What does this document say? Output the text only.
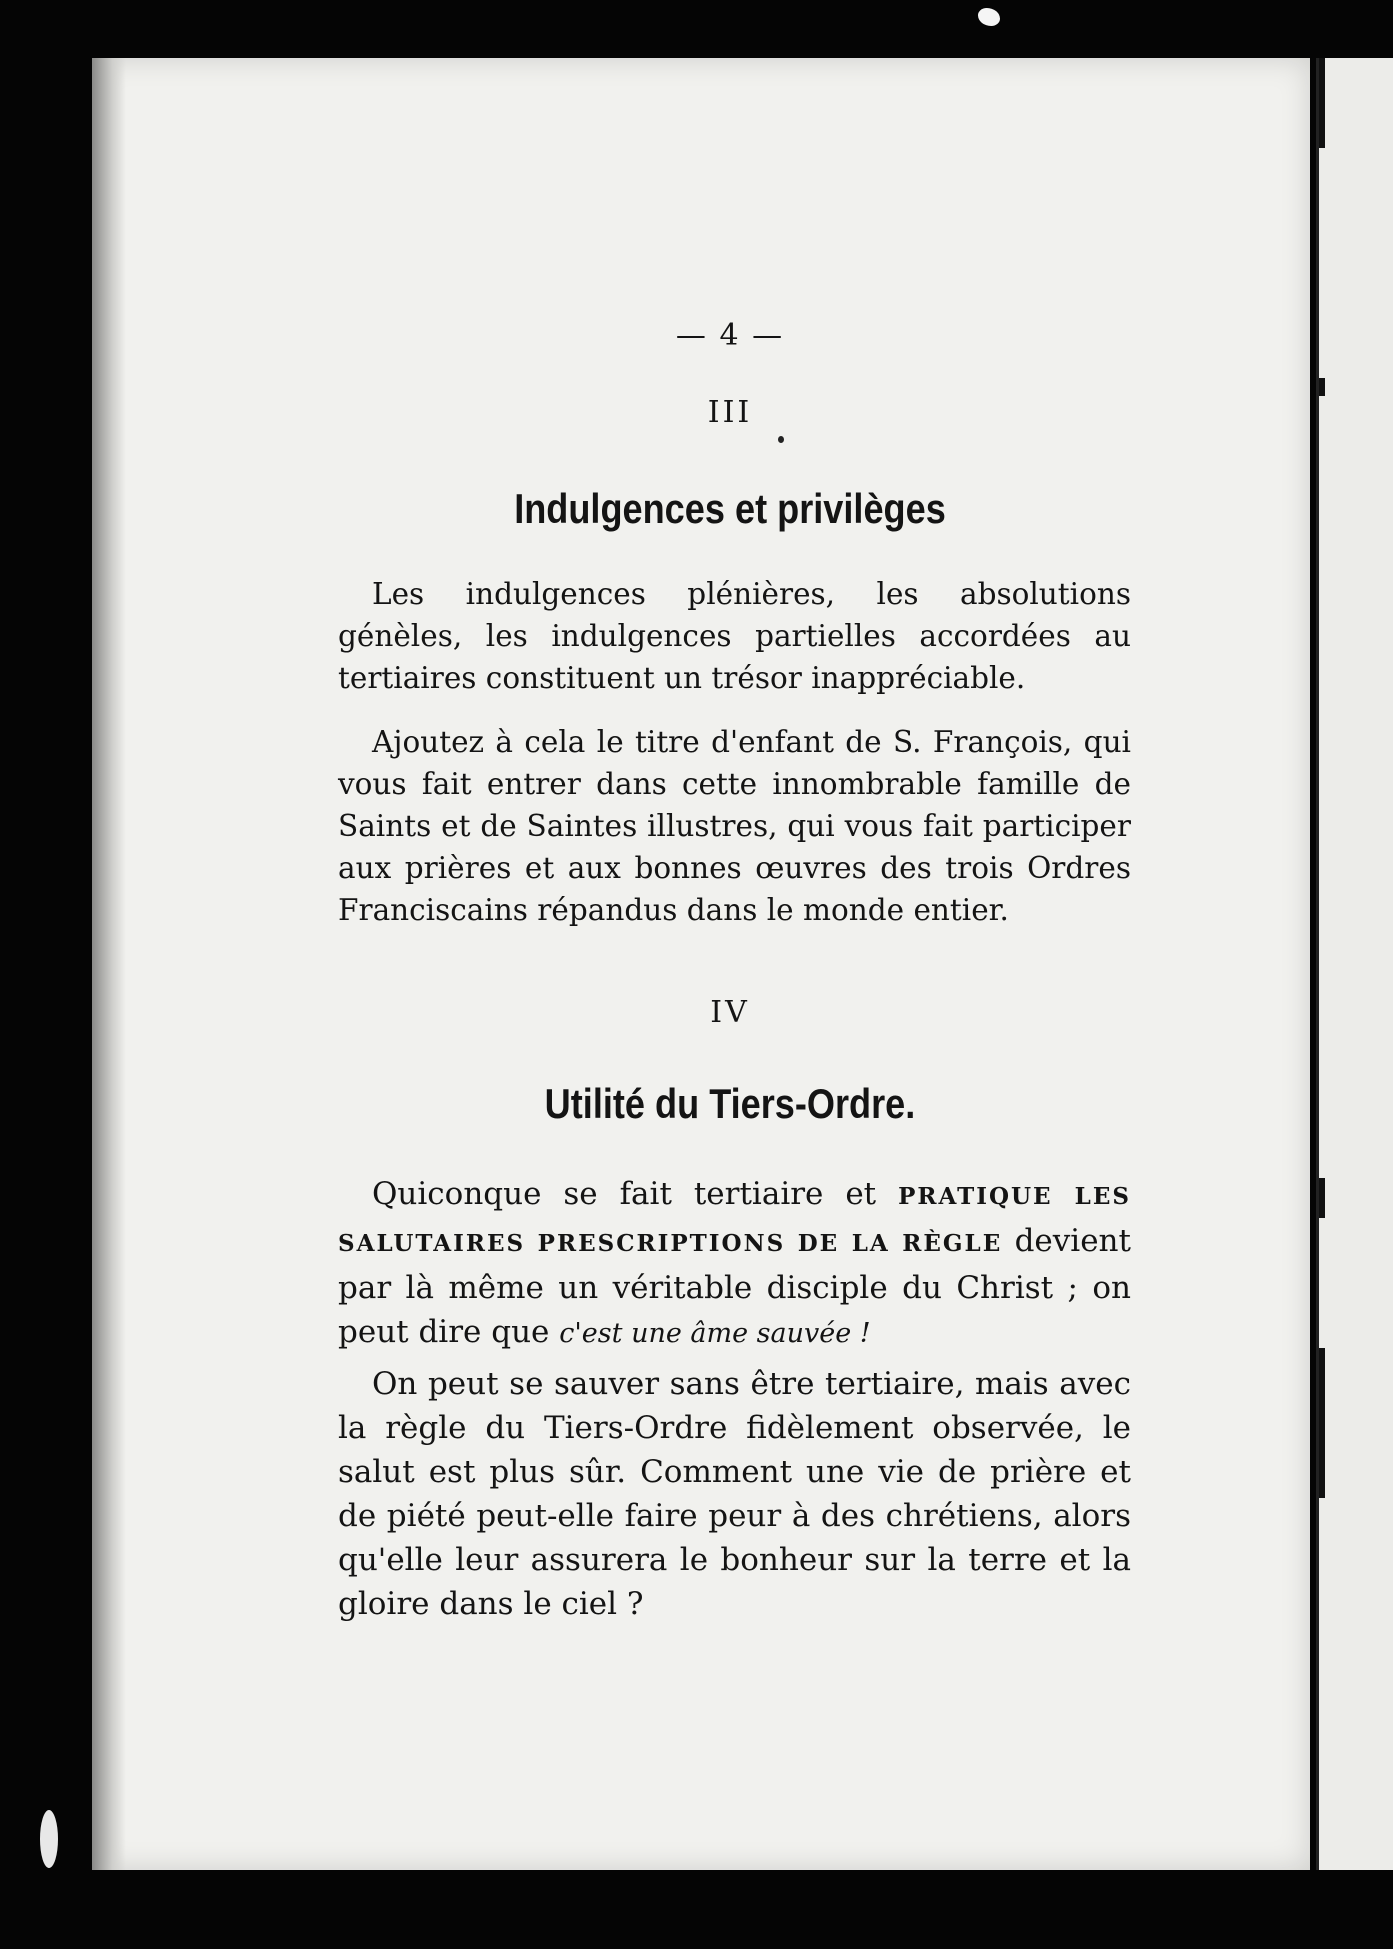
— 4 —
III
Indulgences et privilèges

Les indulgences plénières, les absolutions génèles, les indulgences partielles accordées au tertiaires constituent un trésor inappréciable.

Ajoutez à cela le titre d'enfant de S. François, qui vous fait entrer dans cette innombrable famille de Saints et de Saintes illustres, qui vous fait participer aux prières et aux bonnes œuvres des trois Ordres Franciscains répandus dans le monde entier.

IV
Utilité du Tiers-Ordre.

Quiconque se fait tertiaire et PRATIQUE LES SALUTAIRES PRESCRIPTIONS DE LA RÈGLE devient par là même un véritable disciple du Christ ; on peut dire que c'est une âme sauvée !

On peut se sauver sans être tertiaire, mais avec la règle du Tiers-Ordre fidèlement observée, le salut est plus sûr. Comment une vie de prière et de piété peut-elle faire peur à des chrétiens, alors qu'elle leur assurera le bonheur sur la terre et la gloire dans le ciel ?
